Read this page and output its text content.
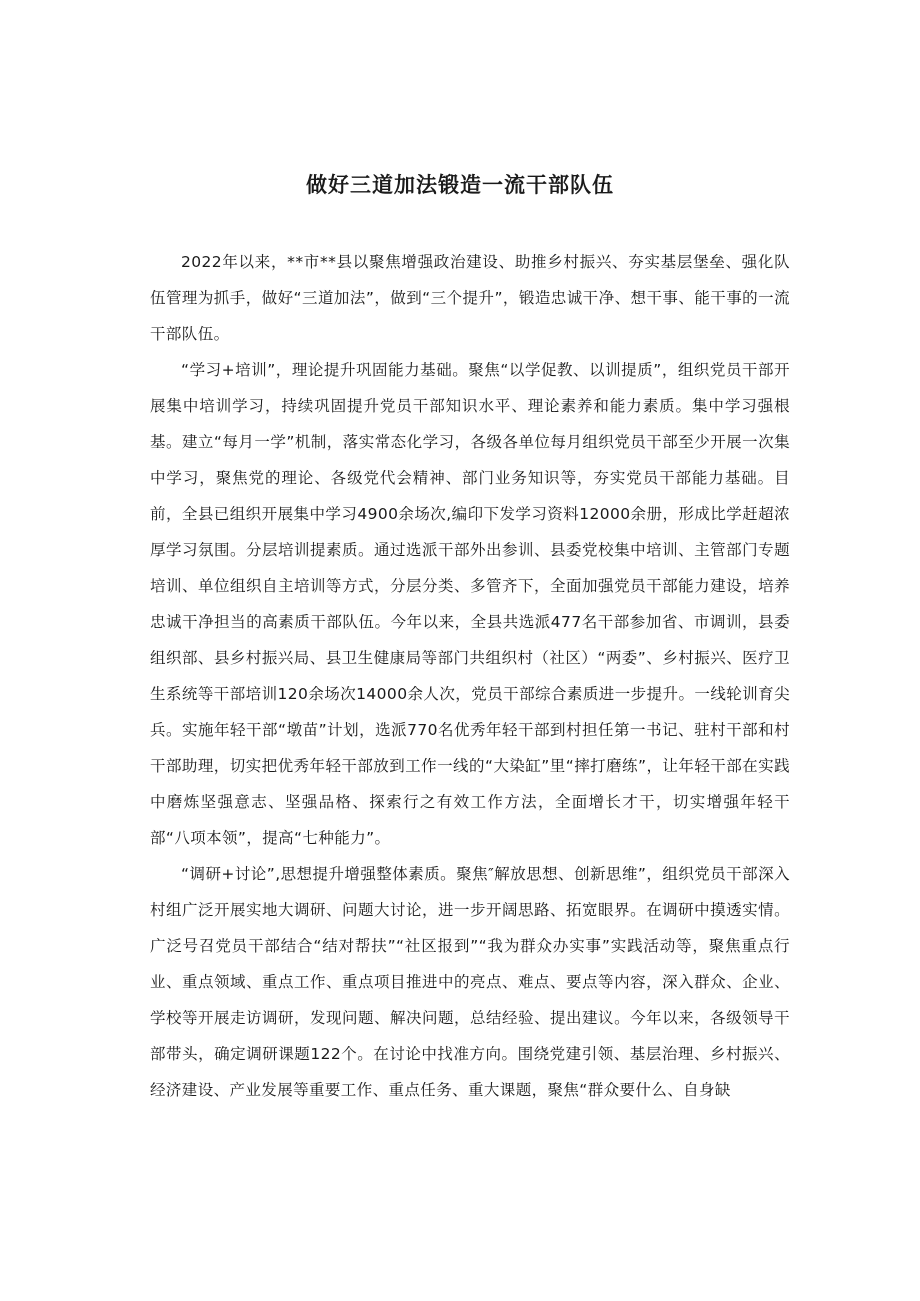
做好三道加法锻造一流干部队伍

2022年以来，**市**县以聚焦增强政治建设、助推乡村振兴、夯实基层堡垒、强化队伍管理为抓手，做好“三道加法”，做到“三个提升”，锻造忠诚干净、想干事、能干事的一流干部队伍。

“学习+培训”，理论提升巩固能力基础。聚焦“以学促教、以训提质”，组织党员干部开展集中培训学习，持续巩固提升党员干部知识水平、理论素养和能力素质。集中学习强根基。建立“每月一学”机制，落实常态化学习，各级各单位每月组织党员干部至少开展一次集中学习，聚焦党的理论、各级党代会精神、部门业务知识等，夯实党员干部能力基础。目前，全县已组织开展集中学习4900余场次,编印下发学习资料12000余册，形成比学赶超浓厚学习氛围。分层培训提素质。通过选派干部外出参训、县委党校集中培训、主管部门专题培训、单位组织自主培训等方式，分层分类、多管齐下，全面加强党员干部能力建设，培养忠诚干净担当的高素质干部队伍。今年以来，全县共选派477名干部参加省、市调训，县委组织部、县乡村振兴局、县卫生健康局等部门共组织村（社区）“两委”、乡村振兴、医疗卫生系统等干部培训120余场次14000余人次，党员干部综合素质进一步提升。一线轮训育尖兵。实施年轻干部“墩苗”计划，选派770名优秀年轻干部到村担任第一书记、驻村干部和村干部助理，切实把优秀年轻干部放到工作一线的“大染缸”里“摔打磨练”，让年轻干部在实践中磨炼坚强意志、坚强品格、探索行之有效工作方法，全面增长才干，切实增强年轻干部“八项本领”，提高“七种能力”。

“调研+讨论”,思想提升增强整体素质。聚焦″解放思想、创新思维”，组织党员干部深入村组广泛开展实地大调研、问题大讨论，进一步开阔思路、拓宽眼界。在调研中摸透实情。广泛号召党员干部结合“结对帮扶”“社区报到”“我为群众办实事”实践活动等，聚焦重点行业、重点领域、重点工作、重点项目推进中的亮点、难点、要点等内容，深入群众、企业、学校等开展走访调研，发现问题、解决问题，总结经验、提出建议。今年以来，各级领导干部带头，确定调研课题122个。在讨论中找准方向。围绕党建引领、基层治理、乡村振兴、经济建设、产业发展等重要工作、重点任务、重大课题，聚焦“群众要什么、自身缺
